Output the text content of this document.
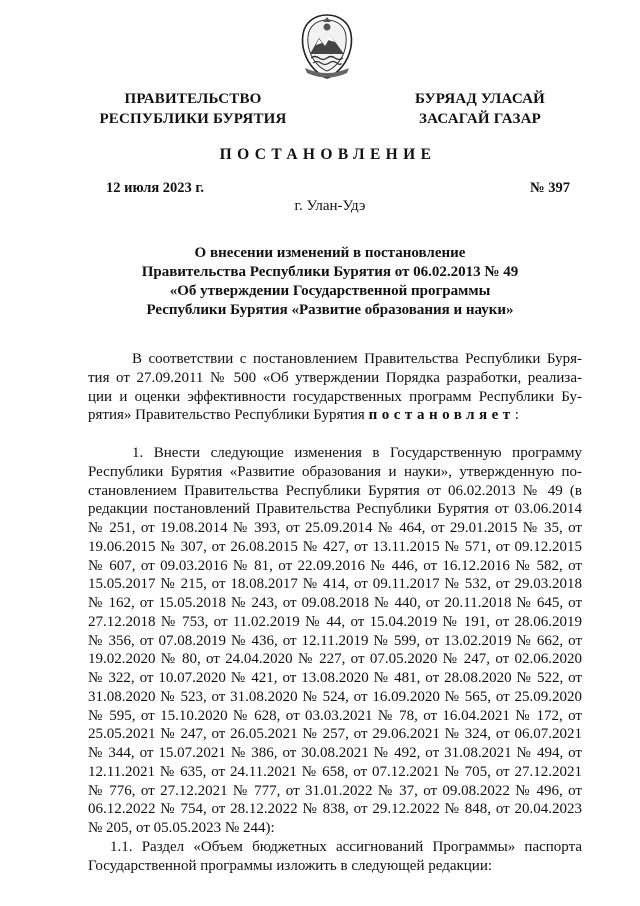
ПРАВИТЕЛЬСТВО
РЕСПУБЛИКИ БУРЯТИЯ
БУРЯАД УЛАСАЙ
ЗАСАГАЙ ГАЗАР
ПОСТАНОВЛЕНИЕ
12 июля 2023 г.	№ 397
г. Улан-Удэ
О внесении изменений в постановление
Правительства Республики Бурятия от 06.02.2013 № 49
«Об утверждении Государственной программы
Республики Бурятия «Развитие образования и науки»
В соответствии с постановлением Правительства Республики Буря-
тия от 27.09.2011 № 500 «Об утверждении Порядка разработки, реализа-
ции и оценки эффективности государственных программ Республики Бу-
рятия» Правительство Республики Бурятия постановляет:
1. Внести следующие изменения в Государственную программу
Республики Бурятия «Развитие образования и науки», утвержденную по-
становлением Правительства Республики Бурятия от 06.02.2013 № 49 (в
редакции постановлений Правительства Республики Бурятия от 03.06.2014
№ 251, от 19.08.2014 № 393, от 25.09.2014 № 464, от 29.01.2015 № 35, от
19.06.2015 № 307, от 26.08.2015 № 427, от 13.11.2015 № 571, от 09.12.2015
№ 607, от 09.03.2016 № 81, от 22.09.2016 № 446, от 16.12.2016 № 582, от
15.05.2017 № 215, от 18.08.2017 № 414, от 09.11.2017 № 532, от 29.03.2018
№ 162, от 15.05.2018 № 243, от 09.08.2018 № 440, от 20.11.2018 № 645, от
27.12.2018 № 753, от 11.02.2019 № 44, от 15.04.2019 № 191, от 28.06.2019
№ 356, от 07.08.2019 № 436, от 12.11.2019 № 599, от 13.02.2019 № 662, от
19.02.2020 № 80, от 24.04.2020 № 227, от 07.05.2020 № 247, от 02.06.2020
№ 322, от 10.07.2020 № 421, от 13.08.2020 № 481, от 28.08.2020 № 522, от
31.08.2020 № 523, от 31.08.2020 № 524, от 16.09.2020 № 565, от 25.09.2020
№ 595, от 15.10.2020 № 628, от 03.03.2021 № 78, от 16.04.2021 № 172, от
25.05.2021 № 247, от 26.05.2021 № 257, от 29.06.2021 № 324, от 06.07.2021
№ 344, от 15.07.2021 № 386, от 30.08.2021 № 492, от 31.08.2021 № 494, от
12.11.2021 № 635, от 24.11.2021 № 658, от 07.12.2021 № 705, от 27.12.2021
№ 776, от 27.12.2021 № 777, от 31.01.2022 № 37, от 09.08.2022 № 496, от
06.12.2022 № 754, от 28.12.2022 № 838, от 29.12.2022 № 848, от 20.04.2023
№ 205, от 05.05.2023 № 244):
1.1. Раздел «Объем бюджетных ассигнований Программы» паспорта
Государственной программы изложить в следующей редакции:
